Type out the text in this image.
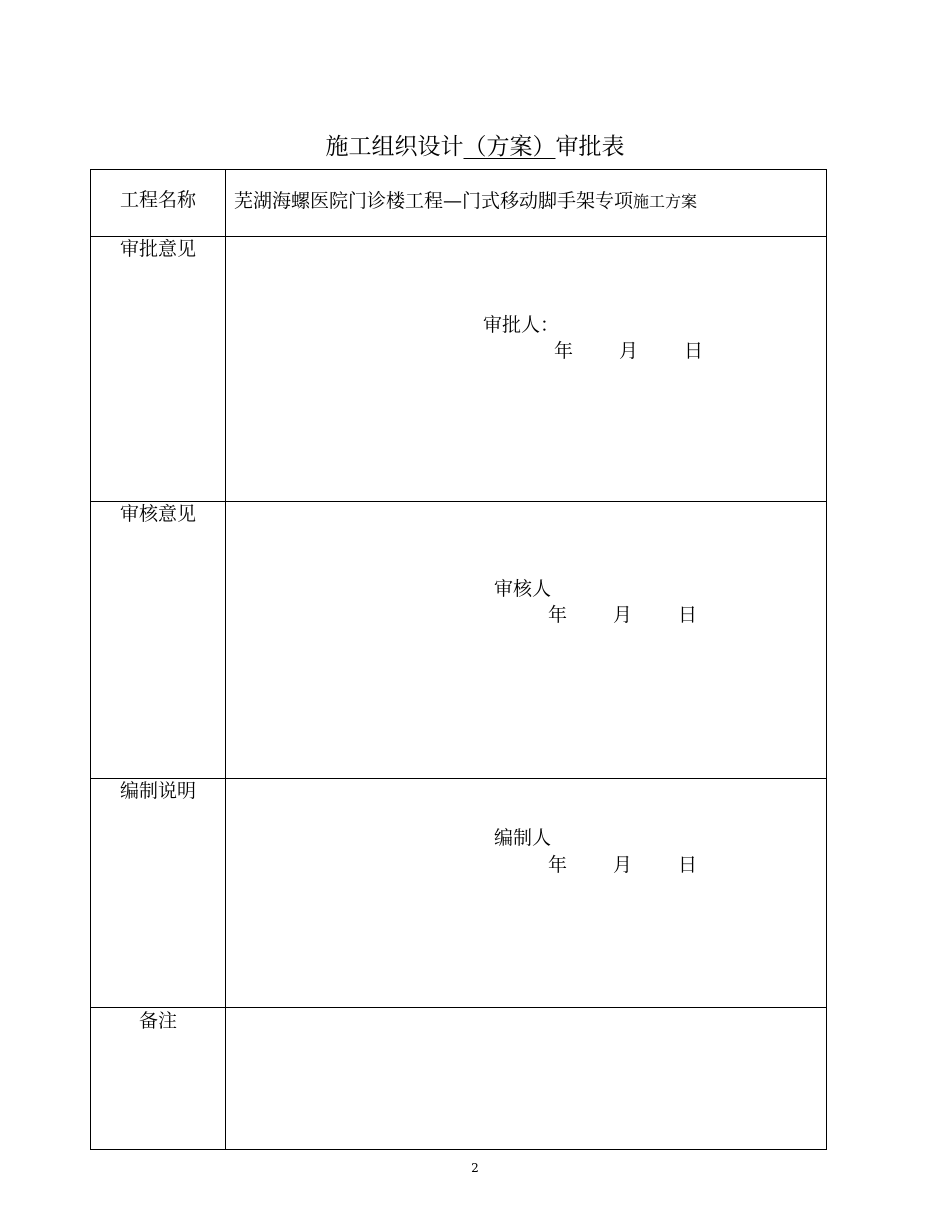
施工组织设计（方案）审批表
工程名称	芜湖海螺医院门诊楼工程—门式移动脚手架专项施工方案
审批意见
审批人：
年 月 日
审核意见
审核人
年 月 日
编制说明
编制人
年 月 日
备注
2
